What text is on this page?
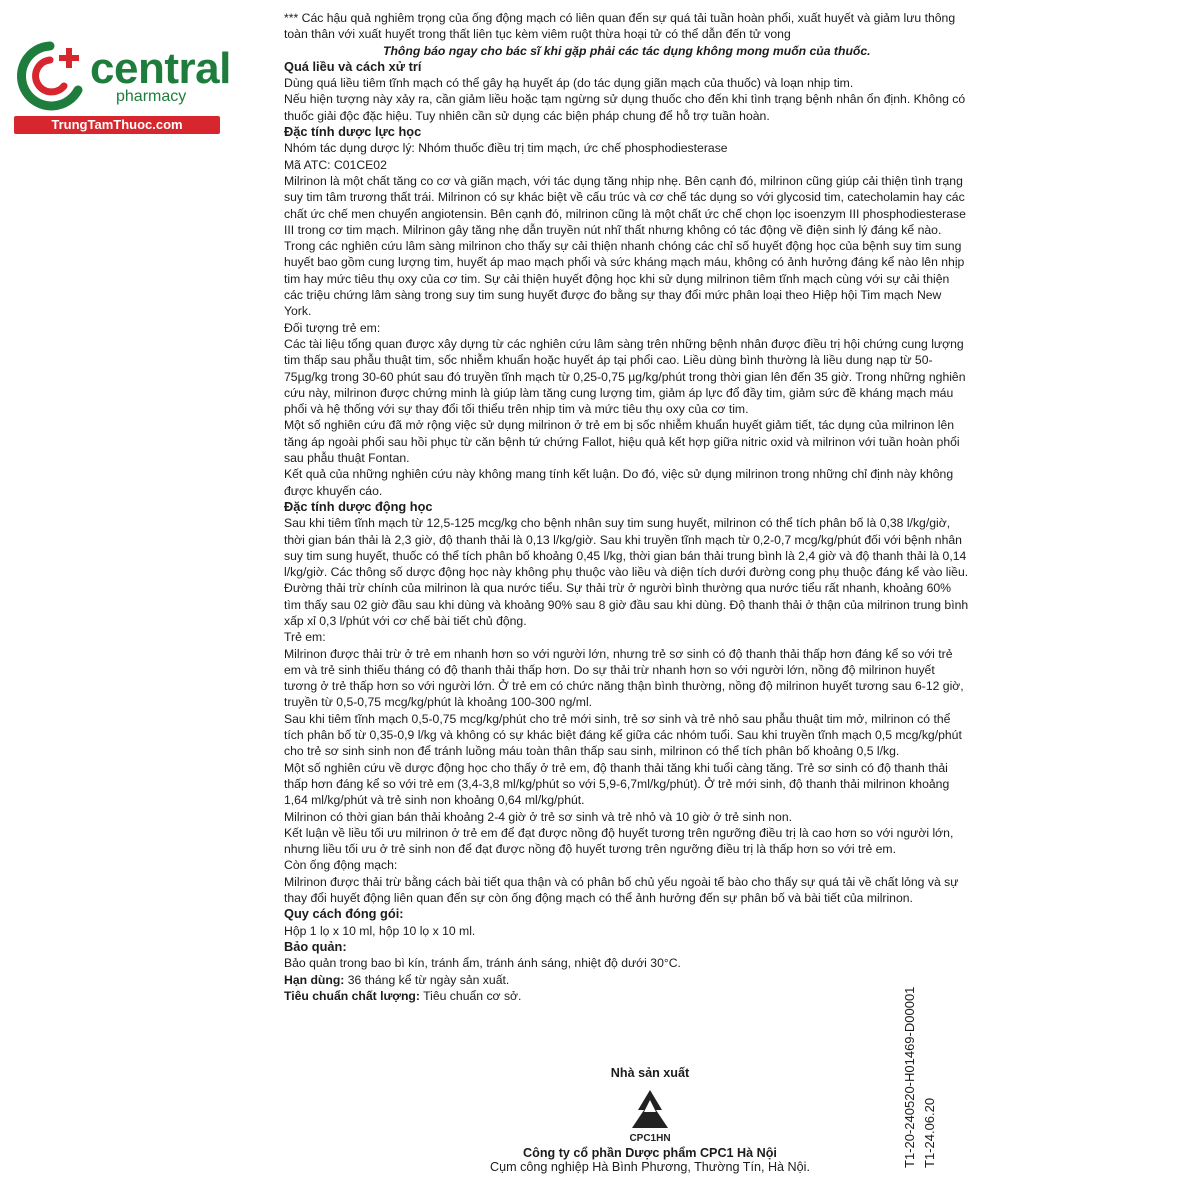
central
pharmacy
TrungTamThuoc.com

*** Các hậu quả nghiêm trọng của ống động mạch có liên quan đến sự quá tải tuần hoàn phổi, xuất huyết và giảm lưu thông toàn thân với xuất huyết trong thất liên tục kèm viêm ruột thừa hoại tử có thể dẫn đến tử vong

Thông báo ngay cho bác sĩ khi gặp phải các tác dụng không mong muốn của thuốc.

Quá liều và cách xử trí

Dùng quá liều tiêm tĩnh mạch có thể gây hạ huyết áp (do tác dụng giãn mạch của thuốc) và loạn nhịp tim.

Nếu hiện tượng này xảy ra, cần giảm liều hoặc tạm ngừng sử dụng thuốc cho đến khi tình trạng bệnh nhân ổn định. Không có thuốc giải độc đặc hiệu. Tuy nhiên cần sử dụng các biện pháp chung để hỗ trợ tuần hoàn.

Đặc tính dược lực học

Nhóm tác dụng dược lý: Nhóm thuốc điều trị tim mạch, ức chế phosphodiesterase

Mã ATC: C01CE02

Milrinon là một chất tăng co cơ và giãn mạch, với tác dụng tăng nhịp nhẹ. Bên cạnh đó, milrinon cũng giúp cải thiện tình trạng suy tim tâm trương thất trái. Milrinon có sự khác biệt về cấu trúc và cơ chế tác dụng so với glycosid tim, catecholamin hay các chất ức chế men chuyển angiotensin. Bên cạnh đó, milrinon cũng là một chất ức chế chọn lọc isoenzym III phosphodiesterase III trong cơ tim mạch. Milrinon gây tăng nhẹ dẫn truyền nút nhĩ thất nhưng không có tác động về điện sinh lý đáng kể nào.

Trong các nghiên cứu lâm sàng milrinon cho thấy sự cải thiện nhanh chóng các chỉ số huyết động học của bệnh suy tim sung huyết bao gồm cung lượng tim, huyết áp mao mạch phổi và sức kháng mạch máu, không có ảnh hưởng đáng kể nào lên nhịp tim hay mức tiêu thụ oxy của cơ tim. Sự cải thiện huyết động học khi sử dụng milrinon tiêm tĩnh mạch cùng với sự cải thiện các triệu chứng lâm sàng trong suy tim sung huyết được đo bằng sự thay đổi mức phân loại theo Hiệp hội Tim mạch New York.

Đối tượng trẻ em:

Các tài liệu tổng quan được xây dựng từ các nghiên cứu lâm sàng trên những bệnh nhân được điều trị hội chứng cung lượng tim thấp sau phẫu thuật tim, sốc nhiễm khuẩn hoặc huyết áp tại phổi cao. Liều dùng bình thường là liều dung nạp từ 50-75µg/kg trong 30-60 phút sau đó truyền tĩnh mạch từ 0,25-0,75 µg/kg/phút trong thời gian lên đến 35 giờ. Trong những nghiên cứu này, milrinon được chứng minh là giúp làm tăng cung lượng tim, giảm áp lực đổ đầy tim, giảm sức đề kháng mạch máu phổi và hệ thống với sự thay đổi tối thiểu trên nhịp tim và mức tiêu thụ oxy của cơ tim.

Một số nghiên cứu đã mở rộng việc sử dụng milrinon ở trẻ em bị sốc nhiễm khuẩn huyết giảm tiết, tác dụng của milrinon lên tăng áp ngoài phổi sau hồi phục từ căn bệnh tứ chứng Fallot, hiệu quả kết hợp giữa nitric oxid và milrinon với tuần hoàn phổi sau phẫu thuật Fontan.

Kết quả của những nghiên cứu này không mang tính kết luận. Do đó, việc sử dụng milrinon trong những chỉ định này không được khuyến cáo.

Đặc tính dược động học

Sau khi tiêm tĩnh mạch từ 12,5-125 mcg/kg cho bệnh nhân suy tim sung huyết, milrinon có thể tích phân bố là 0,38 l/kg/giờ, thời gian bán thải là 2,3 giờ, độ thanh thải là 0,13 l/kg/giờ. Sau khi truyền tĩnh mạch từ 0,2-0,7 mcg/kg/phút đối với bệnh nhân suy tim sung huyết, thuốc có thể tích phân bố khoảng 0,45 l/kg, thời gian bán thải trung bình là 2,4 giờ và độ thanh thải là 0,14 l/kg/giờ. Các thông số dược động học này không phụ thuộc vào liều và diện tích dưới đường cong phụ thuộc đáng kể vào liều.

Đường thải trừ chính của milrinon là qua nước tiểu. Sự thải trừ ở người bình thường qua nước tiểu rất nhanh, khoảng 60% tìm thấy sau 02 giờ đầu sau khi dùng và khoảng 90% sau 8 giờ đầu sau khi dùng. Độ thanh thải ở thận của milrinon trung bình xấp xỉ 0,3 l/phút với cơ chế bài tiết chủ động.

Trẻ em:

Milrinon được thải trừ ở trẻ em nhanh hơn so với người lớn, nhưng trẻ sơ sinh có độ thanh thải thấp hơn đáng kể so với trẻ em và trẻ sinh thiếu tháng có độ thanh thải thấp hơn. Do sự thải trừ nhanh hơn so với người lớn, nồng độ milrinon huyết tương ở trẻ thấp hơn so với người lớn. Ở trẻ em có chức năng thận bình thường, nồng độ milrinon huyết tương sau 6-12 giờ, truyền từ 0,5-0,75 mcg/kg/phút là khoảng 100-300 ng/ml.

Sau khi tiêm tĩnh mạch 0,5-0,75 mcg/kg/phút cho trẻ mới sinh, trẻ sơ sinh và trẻ nhỏ sau phẫu thuật tim mở, milrinon có thể tích phân bố từ 0,35-0,9 l/kg và không có sự khác biệt đáng kể giữa các nhóm tuổi. Sau khi truyền tĩnh mạch 0,5 mcg/kg/phút cho trẻ sơ sinh sinh non để tránh luồng máu toàn thân thấp sau sinh, milrinon có thể tích phân bố khoảng 0,5 l/kg.

Một số nghiên cứu về dược động học cho thấy ở trẻ em, độ thanh thải tăng khi tuổi càng tăng. Trẻ sơ sinh có độ thanh thải thấp hơn đáng kể so với trẻ em (3,4-3,8 ml/kg/phút so với 5,9-6,7ml/kg/phút). Ở trẻ mới sinh, độ thanh thải milrinon khoảng 1,64 ml/kg/phút và trẻ sinh non khoảng 0,64 ml/kg/phút.

Milrinon có thời gian bán thải khoảng 2-4 giờ ở trẻ sơ sinh và trẻ nhỏ và 10 giờ ở trẻ sinh non.

Kết luận về liều tối ưu milrinon ở trẻ em để đạt được nồng độ huyết tương trên ngưỡng điều trị là cao hơn so với người lớn, nhưng liều tối ưu ở trẻ sinh non để đạt được nồng độ huyết tương trên ngưỡng điều trị là thấp hơn so với trẻ em.

Còn ống động mạch:

Milrinon được thải trừ bằng cách bài tiết qua thận và có phân bố chủ yếu ngoài tế bào cho thấy sự quá tải về chất lỏng và sự thay đổi huyết động liên quan đến sự còn ống động mạch có thể ảnh hưởng đến sự phân bố và bài tiết của milrinon.

Quy cách đóng gói:

Hộp 1 lọ x 10 ml, hộp 10 lọ x 10 ml.

Bảo quản:

Bảo quản trong bao bì kín, tránh ẩm, tránh ánh sáng, nhiệt độ dưới 30°C.

Hạn dùng: 36 tháng kể từ ngày sản xuất.

Tiêu chuẩn chất lượng: Tiêu chuẩn cơ sở.

Nhà sản xuất
CPC1HN
Công ty cổ phần Dược phẩm CPC1 Hà Nội
Cụm công nghiệp Hà Bình Phương, Thường Tín, Hà Nội.	T1-20-240520-H01469-D00001 T1-24.06.20
